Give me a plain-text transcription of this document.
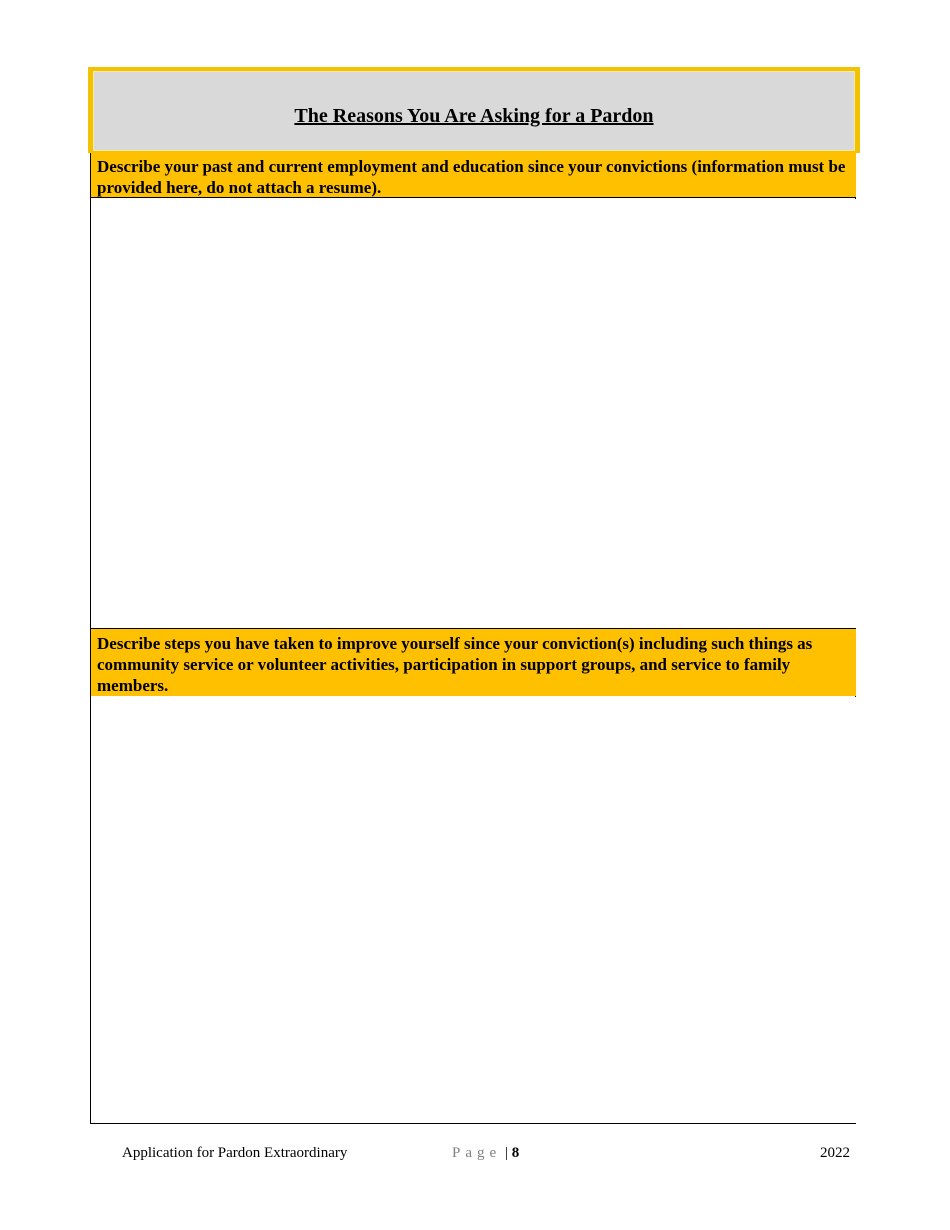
The Reasons You Are Asking for a Pardon
Describe your past and current employment and education since your convictions (information must be provided here, do not attach a resume).
Describe steps you have taken to improve yourself since your conviction(s) including such things as community service or volunteer activities, participation in support groups, and service to family members.
Application for Pardon Extraordinary	Page | 8	2022
